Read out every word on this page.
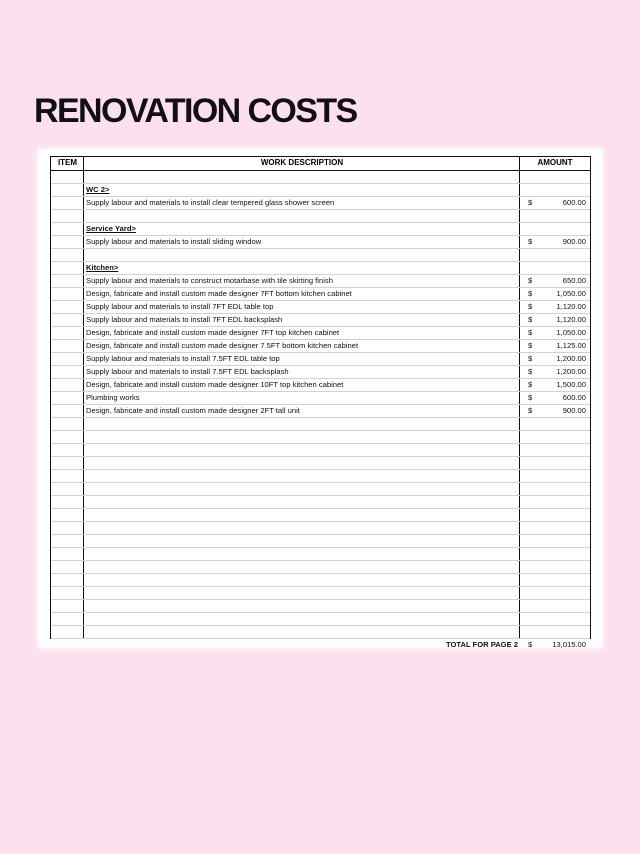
RENOVATION COSTS
ITEM	WORK DESCRIPTION	AMOUNT
WC 2>
Supply labour and materials to install clear tempered glass shower screen	$	600.00
Service Yard>
Supply labour and materials to install sliding window	$	900.00
Kitchen>
Supply labour and materials to construct motarbase with tile skirting finish	$	650.00
Design, fabricate and install custom made designer 7FT bottom kitchen cabinet	$	1,050.00
Supply labour and materials to install 7FT EDL table top	$	1,120.00
Supply labour and materials to install 7FT EDL backsplash	$	1,120.00
Design, fabricate and install custom made designer 7FT top kitchen cabinet	$	1,050.00
Design, fabricate and install custom made designer 7.5FT bottom kitchen cabinet	$	1,125.00
Supply labour and materials to install 7.5FT EDL table top	$	1,200.00
Supply labour and materials to install 7.5FT EDL backsplash	$	1,200.00
Design, fabricate and install custom made designer 10FT top kitchen cabinet	$	1,500.00
Plumbing works	$	600.00
Design, fabricate and install custom made designer 2FT tall unit	$	900.00
TOTAL FOR PAGE 2 $	13,015.00
